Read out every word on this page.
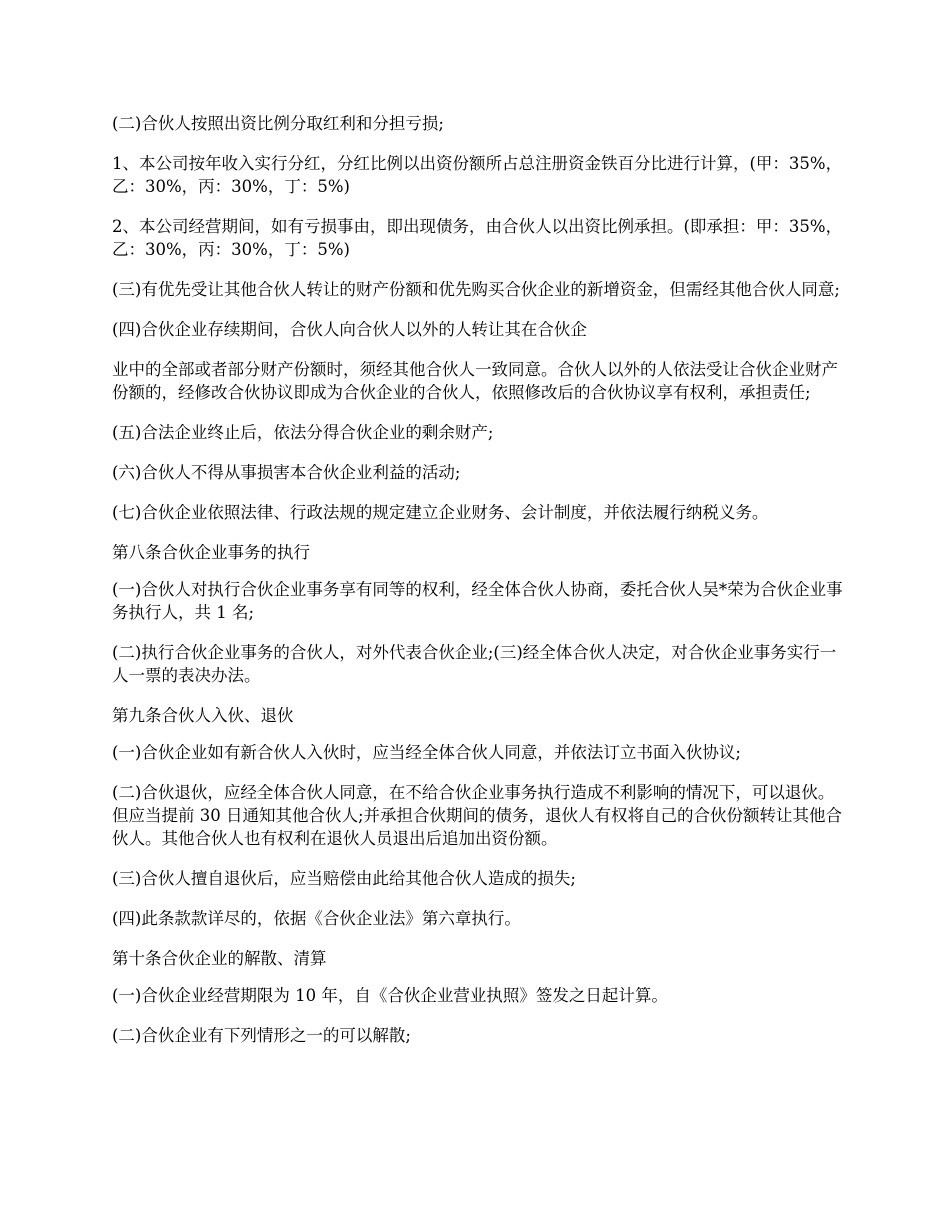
(二)合伙人按照出资比例分取红利和分担亏损;

1、本公司按年收入实行分红，分红比例以出资份额所占总注册资金铁百分比进行计算，(甲：35%，乙：30%，丙：30%，丁：5%)

2、本公司经营期间，如有亏损事由，即出现债务，由合伙人以出资比例承担。(即承担：甲：35%，乙：30%，丙：30%，丁：5%)

(三)有优先受让其他合伙人转让的财产份额和优先购买合伙企业的新增资金，但需经其他合伙人同意;

(四)合伙企业存续期间，合伙人向合伙人以外的人转让其在合伙企

业中的全部或者部分财产份额时，须经其他合伙人一致同意。合伙人以外的人依法受让合伙企业财产份额的，经修改合伙协议即成为合伙企业的合伙人，依照修改后的合伙协议享有权利，承担责任;

(五)合法企业终止后，依法分得合伙企业的剩余财产;

(六)合伙人不得从事损害本合伙企业利益的活动;

(七)合伙企业依照法律、行政法规的规定建立企业财务、会计制度，并依法履行纳税义务。

第八条合伙企业事务的执行

(一)合伙人对执行合伙企业事务享有同等的权利，经全体合伙人协商，委托合伙人吴*荣为合伙企业事务执行人，共 1 名;

(二)执行合伙企业事务的合伙人，对外代表合伙企业;(三)经全体合伙人决定，对合伙企业事务实行一人一票的表决办法。

第九条合伙人入伙、退伙

(一)合伙企业如有新合伙人入伙时，应当经全体合伙人同意，并依法订立书面入伙协议;

(二)合伙退伙，应经全体合伙人同意，在不给合伙企业事务执行造成不利影响的情况下，可以退伙。但应当提前 30 日通知其他合伙人;并承担合伙期间的债务，退伙人有权将自己的合伙份额转让其他合伙人。其他合伙人也有权利在退伙人员退出后追加出资份额。

(三)合伙人擅自退伙后，应当赔偿由此给其他合伙人造成的损失;

(四)此条款款详尽的，依据《合伙企业法》第六章执行。

第十条合伙企业的解散、清算

(一)合伙企业经营期限为 10 年，自《合伙企业营业执照》签发之日起计算。

(二)合伙企业有下列情形之一的可以解散;
